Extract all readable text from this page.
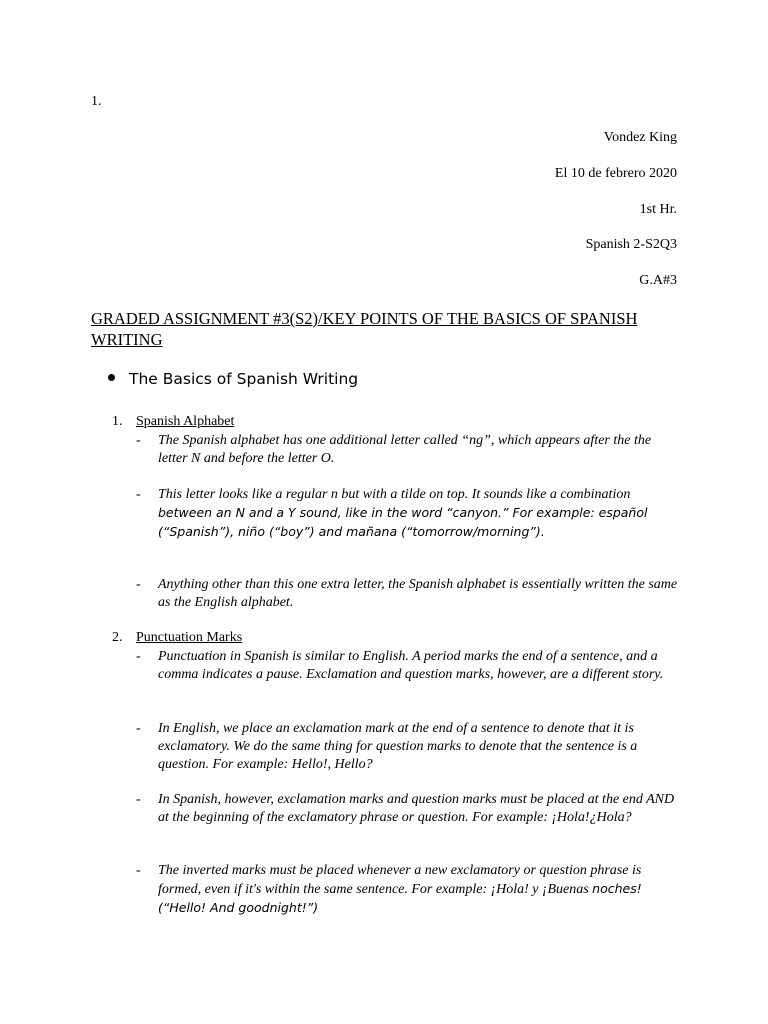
1.

Vondez King

El 10 de febrero 2020

1st Hr.

Spanish 2-S2Q3

G.A#3

GRADED ASSIGNMENT #3(S2)/KEY POINTS OF THE BASICS OF SPANISH WRITING

The Basics of Spanish Writing

1. Spanish Alphabet

- The Spanish alphabet has one additional letter called “ng”, which appears after the the letter N and before the letter O.
- This letter looks like a regular n but with a tilde on top. It sounds like a combination between an N and a Y sound, like in the word “canyon.” For example: español (“Spanish”), niño (“boy”) and mañana (“tomorrow/morning”).
- Anything other than this one extra letter, the Spanish alphabet is essentially written the same as the English alphabet.

2. Punctuation Marks

- Punctuation in Spanish is similar to English. A period marks the end of a sentence, and a comma indicates a pause. Exclamation and question marks, however, are a different story.
- In English, we place an exclamation mark at the end of a sentence to denote that it is exclamatory. We do the same thing for question marks to denote that the sentence is a question. For example: Hello!, Hello?
- In Spanish, however, exclamation marks and question marks must be placed at the end AND at the beginning of the exclamatory phrase or question. For example: ¡Hola!¿Hola?
- The inverted marks must be placed whenever a new exclamatory or question phrase is formed, even if it's within the same sentence. For example: ¡Hola! y ¡Buenas noches! (“Hello! And goodnight!”)
